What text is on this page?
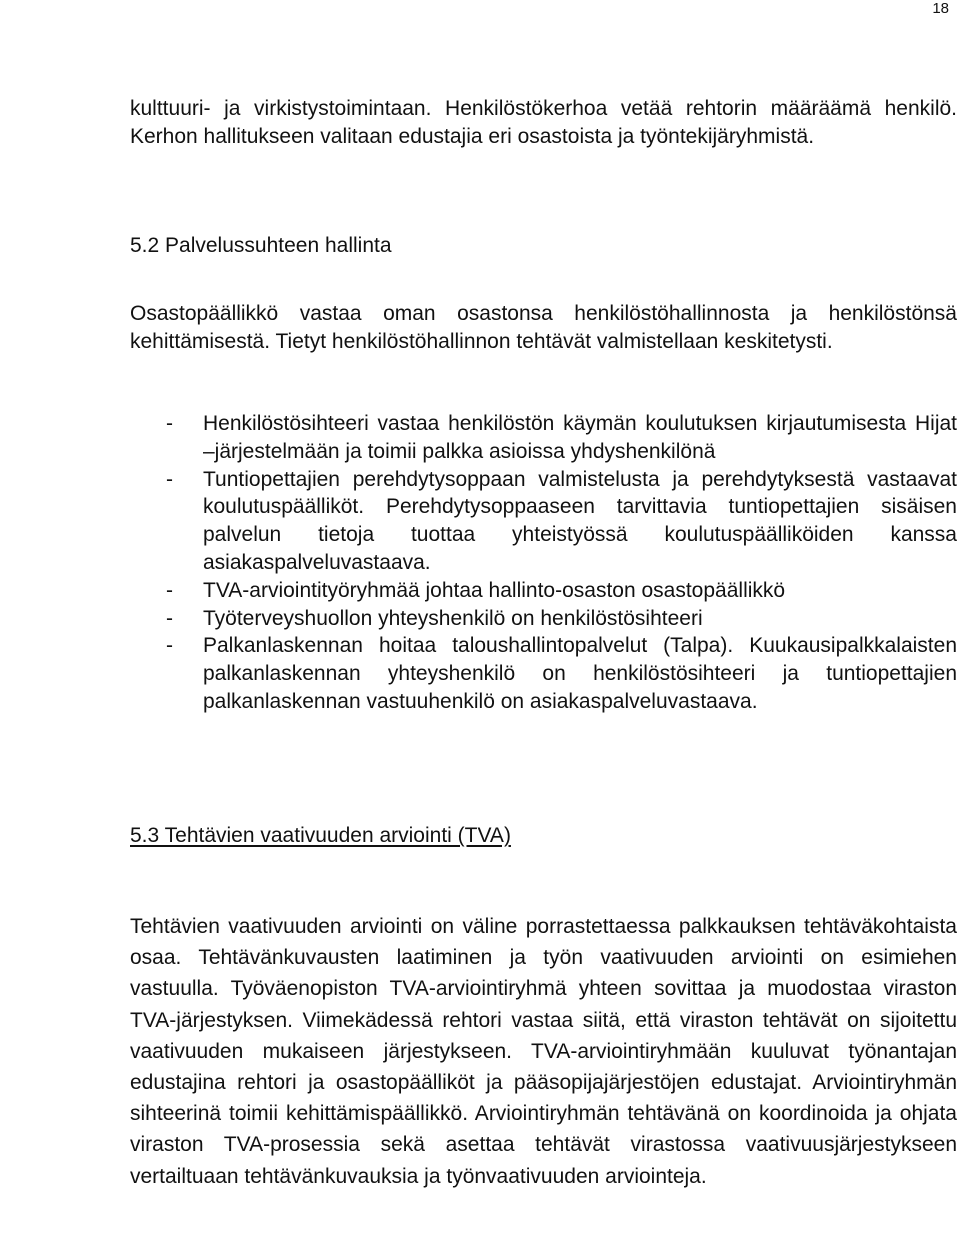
18

kulttuuri- ja virkistystoimintaan. Henkilöstökerhoa vetää rehtorin määräämä henkilö. Kerhon hallitukseen valitaan edustajia eri osastoista ja työntekijäryhmistä.

5.2 Palvelussuhteen hallinta

Osastopäällikkö vastaa oman osastonsa henkilöstöhallinnosta ja henkilöstönsä kehittämisestä. Tietyt henkilöstöhallinnon tehtävät valmistellaan keskitetysti.

- Henkilöstösihteeri vastaa henkilöstön käymän koulutuksen kirjautumisesta Hijat –järjestelmään ja toimii palkka asioissa yhdyshenkilönä
- Tuntiopettajien perehdytysoppaan valmistelusta ja perehdytyksestä vastaavat koulutuspäälliköt. Perehdytysoppaaseen tarvittavia tuntiopettajien sisäisen palvelun tietoja tuottaa yhteistyössä koulutuspäälliköiden kanssa asiakaspalveluvastaava.
- TVA-arviointityöryhmää johtaa hallinto-osaston osastopäällikkö
- Työterveyshuollon yhteyshenkilö on henkilöstösihteeri
- Palkanlaskennan hoitaa taloushallintopalvelut (Talpa). Kuukausipalkkalaisten palkanlaskennan yhteyshenkilö on henkilöstösihteeri ja tuntiopettajien palkanlaskennan vastuuhenkilö on asiakaspalveluvastaava.
5.3 Tehtävien vaativuuden arviointi (TVA)

Tehtävien vaativuuden arviointi on väline porrastettaessa palkkauksen tehtäväkohtaista osaa. Tehtävänkuvausten laatiminen ja työn vaativuuden arviointi on esimiehen vastuulla. Työväenopiston TVA-arviointiryhmä yhteen sovittaa ja muodostaa viraston TVA-järjestyksen. Viimekädessä rehtori vastaa siitä, että viraston tehtävät on sijoitettu vaativuuden mukaiseen järjestykseen. TVA-arviointiryhmään kuuluvat työnantajan edustajina rehtori ja osastopäälliköt ja pääsopijajärjestöjen edustajat. Arviointiryhmän sihteerinä toimii kehittämispäällikkö. Arviointiryhmän tehtävänä on koordinoida ja ohjata viraston TVA-prosessia sekä asettaa tehtävät virastossa vaativuusjärjestykseen vertailtuaan tehtävänkuvauksia ja työnvaativuuden arviointeja.
